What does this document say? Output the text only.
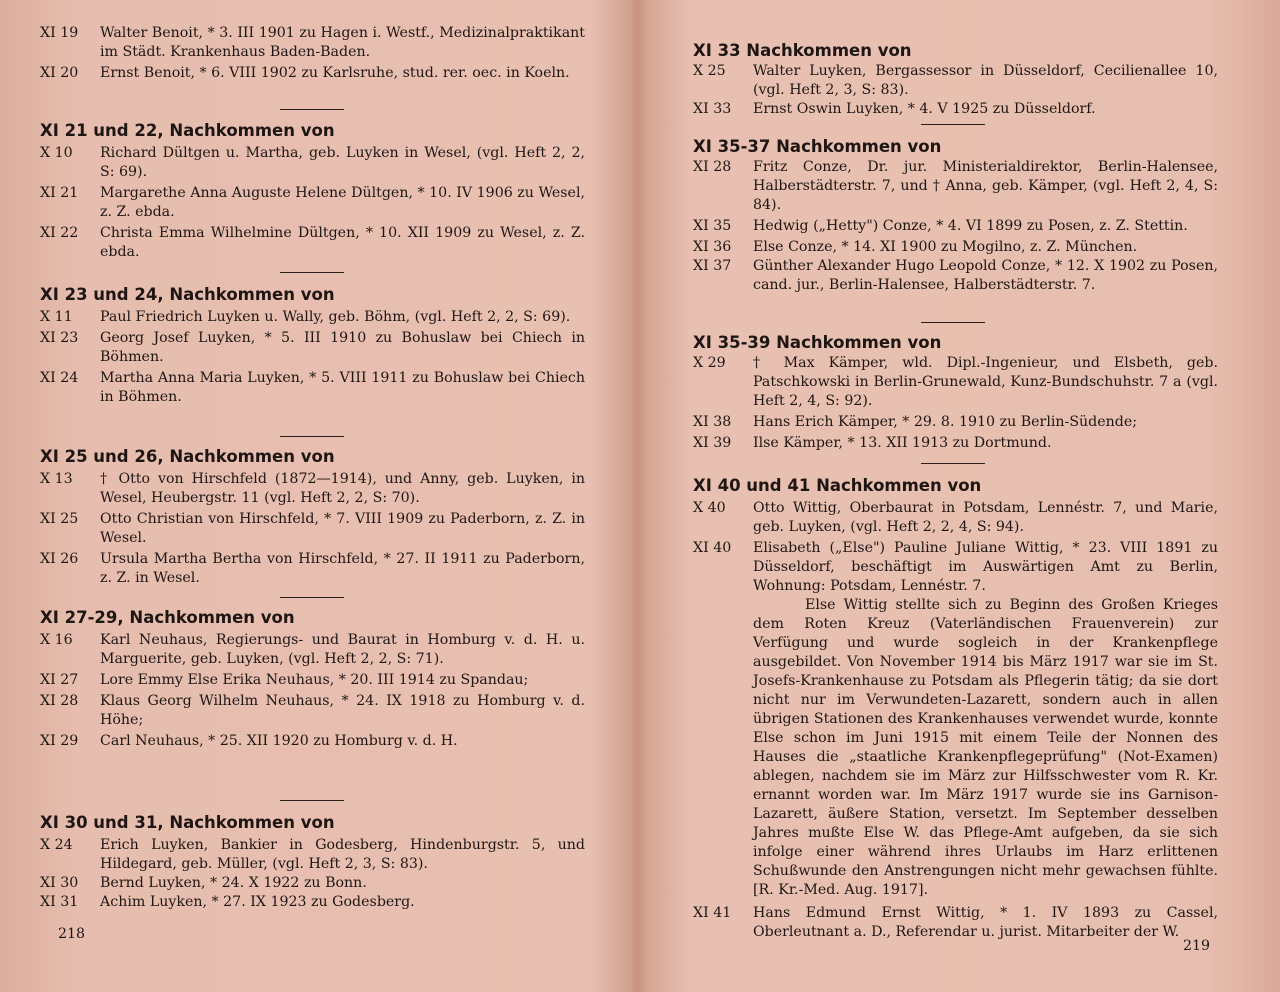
XI 19	Walter Benoit, * 3. III 1901 zu Hagen i. Westf., Medizinalpraktikant im Städt. Krankenhaus Baden-Baden.
XI 20	Ernst Benoit, * 6. VIII 1902 zu Karlsruhe, stud. rer. oec. in Koeln.
XI 21 und 22, Nachkommen von
X 10	Richard Dültgen u. Martha, geb. Luyken in Wesel, (vgl. Heft 2, 2, S: 69).
XI 21	Margarethe Anna Auguste Helene Dültgen, * 10. IV 1906 zu Wesel, z. Z. ebda.
XI 22	Christa Emma Wilhelmine Dültgen, * 10. XII 1909 zu Wesel, z. Z. ebda.
XI 23 und 24, Nachkommen von
X 11	Paul Friedrich Luyken u. Wally, geb. Böhm, (vgl. Heft 2, 2, S: 69).
XI 23	Georg Josef Luyken, * 5. III 1910 zu Bohuslaw bei Chiech in Böhmen.
XI 24	Martha Anna Maria Luyken, * 5. VIII 1911 zu Bohuslaw bei Chiech in Böhmen.
XI 25 und 26, Nachkommen von
X 13	† Otto von Hirschfeld (1872—1914), und Anny, geb. Luyken, in Wesel, Heubergstr. 11 (vgl. Heft 2, 2, S: 70).
XI 25	Otto Christian von Hirschfeld, * 7. VIII 1909 zu Paderborn, z. Z. in Wesel.
XI 26	Ursula Martha Bertha von Hirschfeld, * 27. II 1911 zu Paderborn, z. Z. in Wesel.
XI 27-29, Nachkommen von
X 16	Karl Neuhaus, Regierungs- und Baurat in Homburg v. d. H. u. Marguerite, geb. Luyken, (vgl. Heft 2, 2, S: 71).
XI 27	Lore Emmy Else Erika Neuhaus, * 20. III 1914 zu Spandau;
XI 28	Klaus Georg Wilhelm Neuhaus, * 24. IX 1918 zu Homburg v. d. Höhe;
XI 29	Carl Neuhaus, * 25. XII 1920 zu Homburg v. d. H.
XI 30 und 31, Nachkommen von
X 24	Erich Luyken, Bankier in Godesberg, Hindenburgstr. 5, und Hildegard, geb. Müller, (vgl. Heft 2, 3, S: 83).
XI 30	Bernd Luyken, * 24. X 1922 zu Bonn.
XI 31	Achim Luyken, * 27. IX 1923 zu Godesberg.
218
XI 33 Nachkommen von
X 25	Walter Luyken, Bergassessor in Düsseldorf, Cecilienallee 10, (vgl. Heft 2, 3, S: 83).
XI 33	Ernst Oswin Luyken, * 4. V 1925 zu Düsseldorf.
XI 35-37 Nachkommen von
XI 28	Fritz Conze, Dr. jur. Ministerialdirektor, Berlin-Halensee, Halberstädterstr. 7, und † Anna, geb. Kämper, (vgl. Heft 2, 4, S: 84).
XI 35	Hedwig („Hetty") Conze, * 4. VI 1899 zu Posen, z. Z. Stettin.
XI 36	Else Conze, * 14. XI 1900 zu Mogilno, z. Z. München.
XI 37	Günther Alexander Hugo Leopold Conze, * 12. X 1902 zu Posen, cand. jur., Berlin-Halensee, Halberstädterstr. 7.
XI 35-39 Nachkommen von
X 29	† Max Kämper, wld. Dipl.-Ingenieur, und Elsbeth, geb. Patschkowski in Berlin-Grunewald, Kunz-Bundschuhstr. 7 a (vgl. Heft 2, 4, S: 92).
XI 38	Hans Erich Kämper, * 29. 8. 1910 zu Berlin-Südende;
XI 39	Ilse Kämper, * 13. XII 1913 zu Dortmund.
XI 40 und 41 Nachkommen von
X 40	Otto Wittig, Oberbaurat in Potsdam, Lennéstr. 7, und Marie, geb. Luyken, (vgl. Heft 2, 2, 4, S: 94).
XI 40	Elisabeth („Else") Pauline Juliane Wittig, * 23. VIII 1891 zu Düsseldorf, beschäftigt im Auswärtigen Amt zu Berlin, Wohnung: Potsdam, Lennéstr. 7.
Else Wittig stellte sich zu Beginn des Großen Krieges dem Roten Kreuz (Vaterländischen Frauenverein) zur Verfügung und wurde sogleich in der Krankenpflege ausgebildet. Von November 1914 bis März 1917 war sie im St. Josefs-Krankenhause zu Potsdam als Pflegerin tätig; da sie dort nicht nur im Verwundeten-Lazarett, sondern auch in allen übrigen Stationen des Krankenhauses verwendet wurde, konnte Else schon im Juni 1915 mit einem Teile der Nonnen des Hauses die „staatliche Krankenpflegeprüfung" (Not-Examen) ablegen, nachdem sie im März zur Hilfsschwester vom R. Kr. ernannt worden war. Im März 1917 wurde sie ins Garnison-Lazarett, äußere Station, versetzt. Im September desselben Jahres mußte Else W. das Pflege-Amt aufgeben, da sie sich infolge einer während ihres Urlaubs im Harz erlittenen Schußwunde den Anstrengungen nicht mehr gewachsen fühlte. [R. Kr.-Med. Aug. 1917].
XI 41	Hans Edmund Ernst Wittig, * 1. IV 1893 zu Cassel, Oberleutnant a. D., Referendar u. jurist. Mitarbeiter der W.
219
